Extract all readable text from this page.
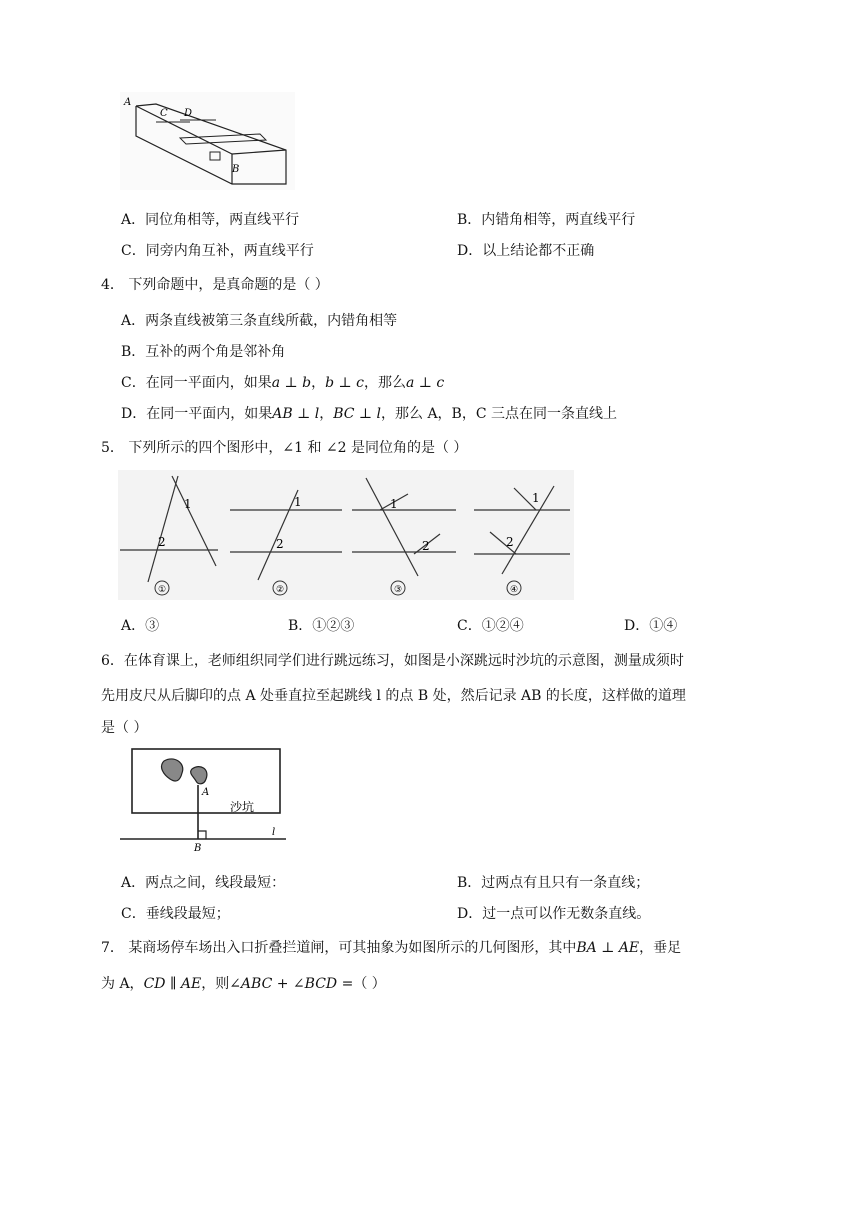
A
C D
B
A．同位角相等，两直线平行	B．内错角相等，两直线平行
C．同旁内角互补，两直线平行	D．以上结论都不正确
4． 下列命题中，是真命题的是（ ）
A．两条直线被第三条直线所截，内错角相等
B．互补的两个角是邻补角
C．在同一平面内，如果a ⊥ b，b ⊥ c，那么a ⊥ c
D．在同一平面内，如果AB ⊥ l，BC ⊥ l，那么 A，B，C 三点在同一条直线上
5． 下列所示的四个图形中，∠1 和 ∠2 是同位角的是（ ）
1
2
①
1
2
②
1
2
③
1
2
④
A．③	B．①②③	C．①②④	D．①④
6．在体育课上，老师组织同学们进行跳远练习，如图是小深跳远时沙坑的示意图，测量成须时
先用皮尺从后脚印的点 A 处垂直拉至起跳线 l 的点 B 处，然后记录 AB 的长度，这样做的道理
是（ ）
A
沙坑
B
l
A．两点之间，线段最短：	B．过两点有且只有一条直线；
C．垂线段最短；	D．过一点可以作无数条直线。
7． 某商场停车场出入口折叠拦道闸，可其抽象为如图所示的几何图形，其中BA ⊥ AE，垂足
为 A，CD ∥ AE，则∠ABC + ∠BCD =（ ）
